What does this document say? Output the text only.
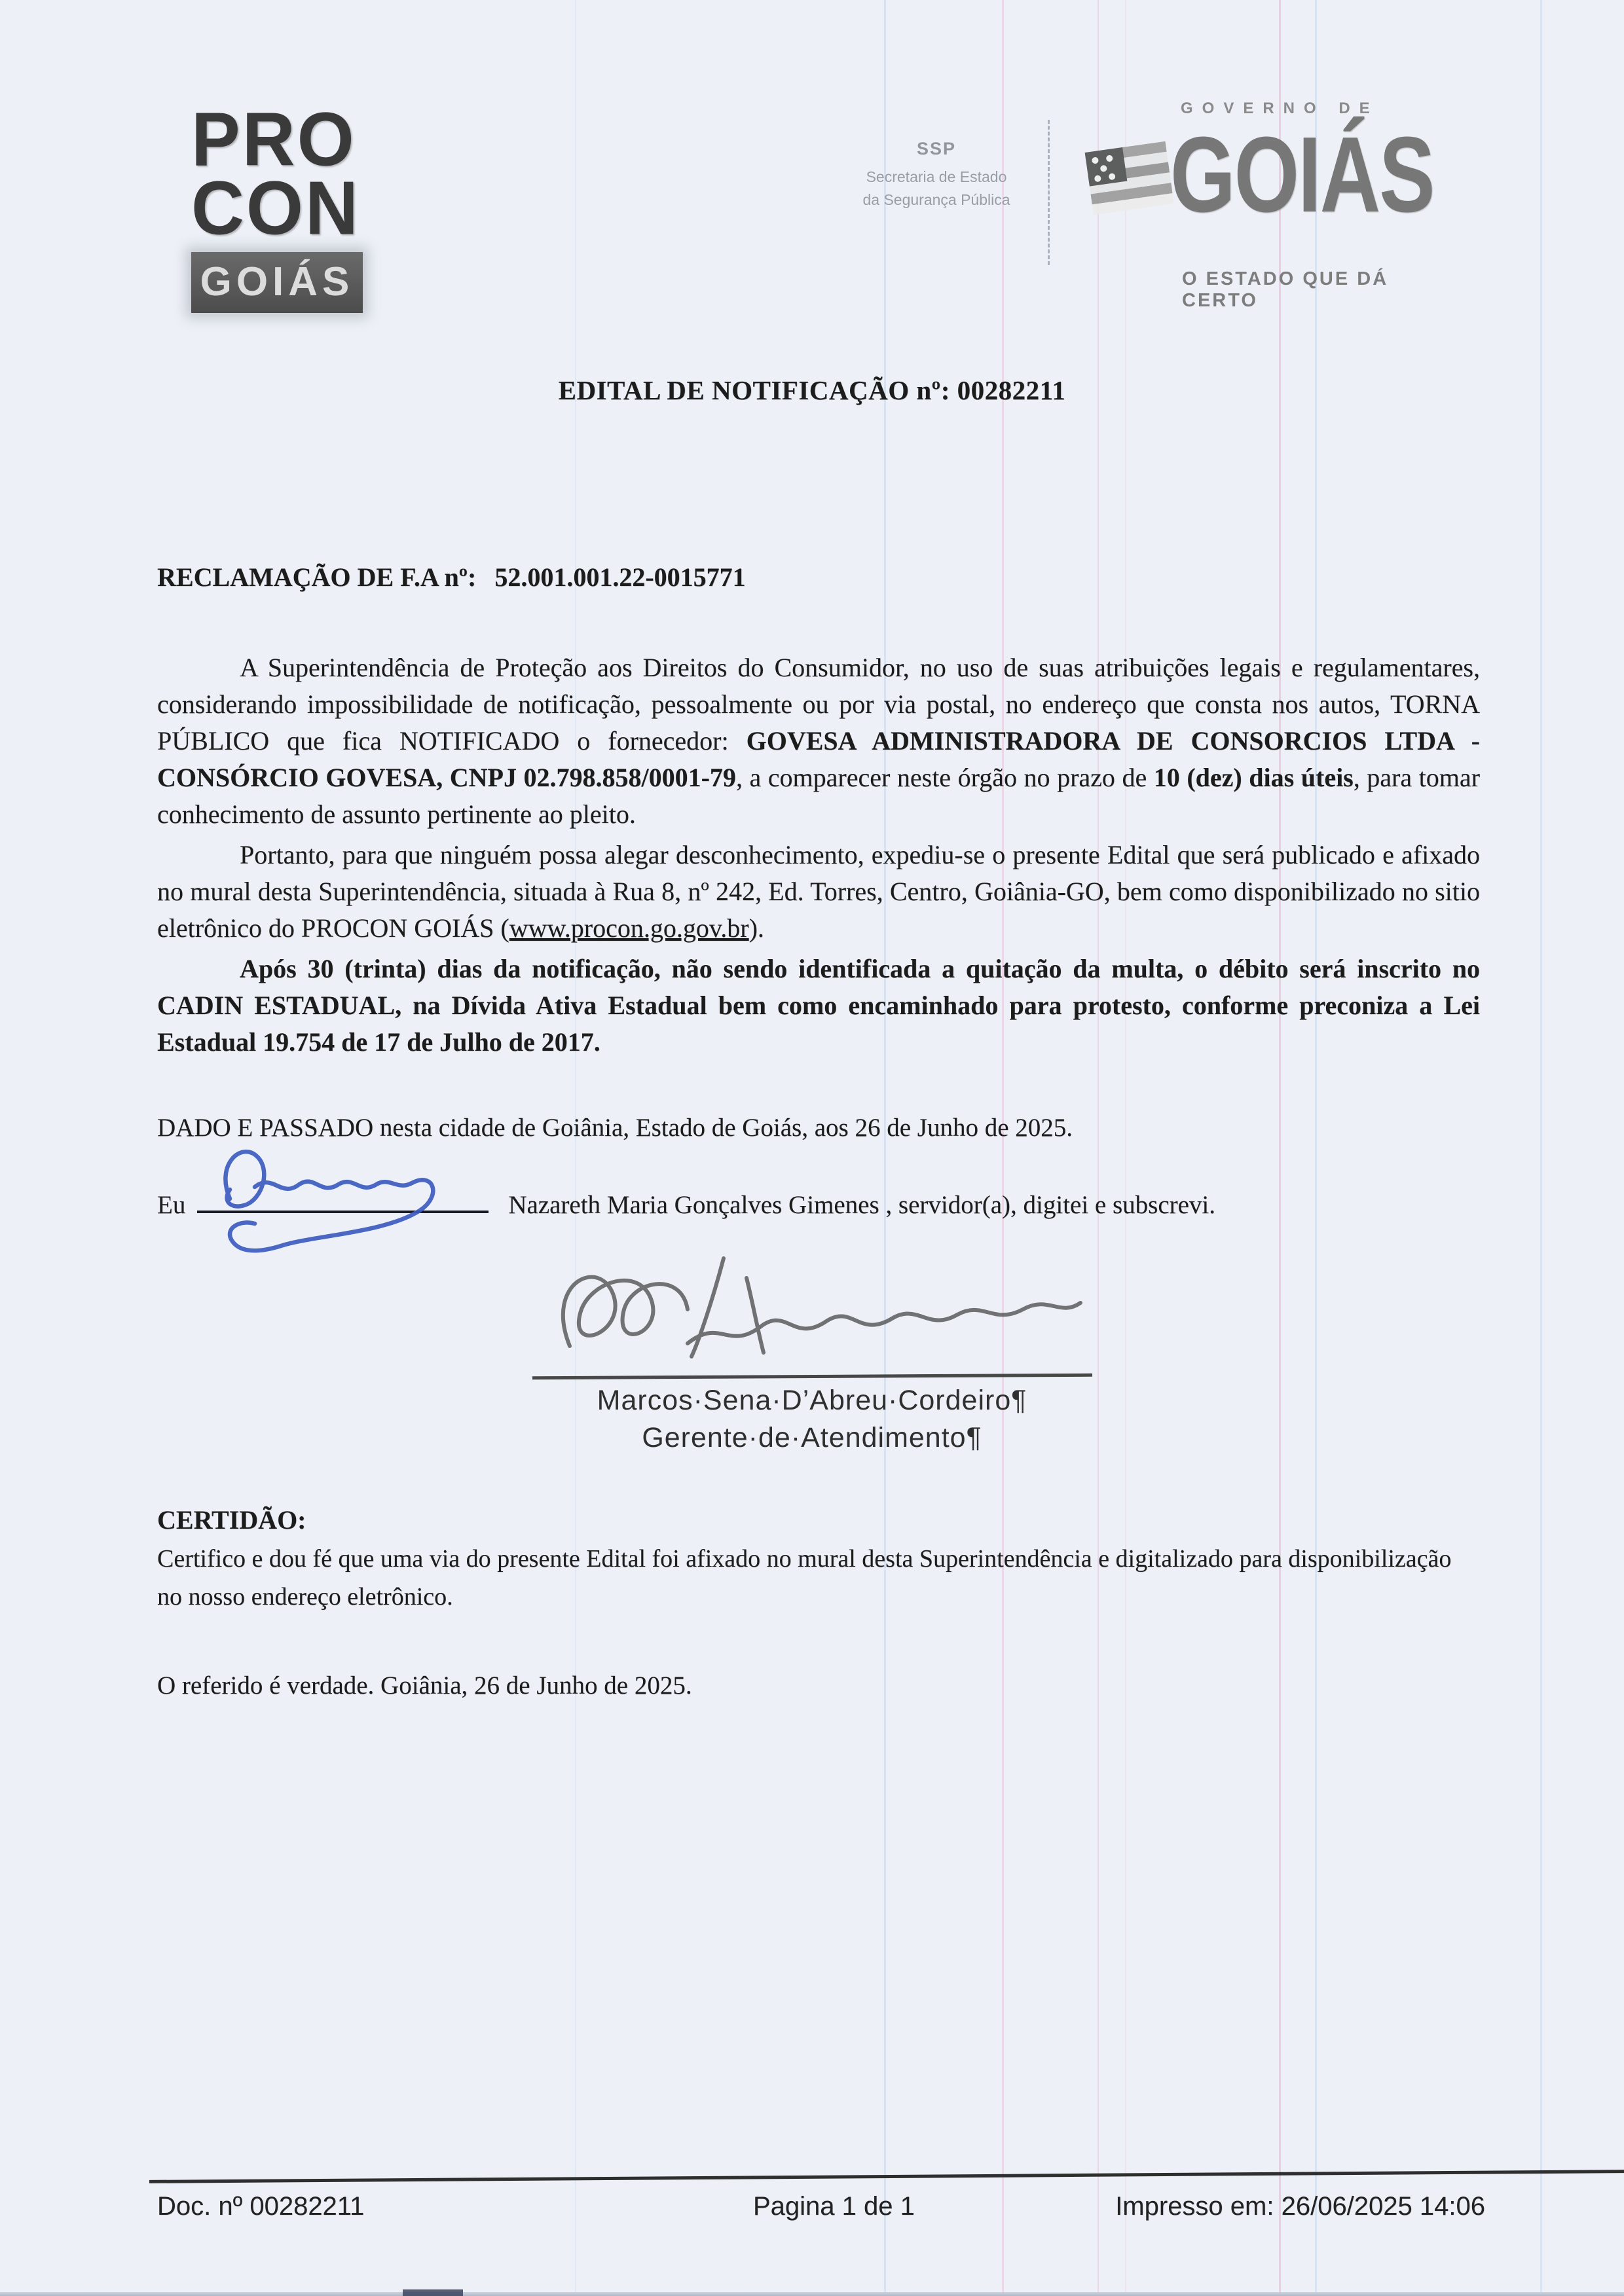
PRO
CON
GOIÁS
SSP
Secretaria de Estado
da Segurança Pública
GOVERNO DE
GOIÁS
O ESTADO QUE DÁ CERTO
EDITAL DE NOTIFICAÇÃO nº: 00282211
RECLAMAÇÃO DE F.A nº: 52.001.001.22-0015771

A Superintendência de Proteção aos Direitos do Consumidor, no uso de suas atribuições legais e regulamentares, considerando impossibilidade de notificação, pessoalmente ou por via postal, no endereço que consta nos autos, TORNA PÚBLICO que fica NOTIFICADO o fornecedor: GOVESA ADMINISTRADORA DE CONSORCIOS LTDA - CONSÓRCIO GOVESA, CNPJ 02.798.858/0001-79, a comparecer neste órgão no prazo de 10 (dez) dias úteis, para tomar conhecimento de assunto pertinente ao pleito.

Portanto, para que ninguém possa alegar desconhecimento, expediu-se o presente Edital que será publicado e afixado no mural desta Superintendência, situada à Rua 8, nº 242, Ed. Torres, Centro, Goiânia-GO, bem como disponibilizado no sitio eletrônico do PROCON GOIÁS (www.procon.go.gov.br).

Após 30 (trinta) dias da notificação, não sendo identificada a quitação da multa, o débito será inscrito no CADIN ESTADUAL, na Dívida Ativa Estadual bem como encaminhado para protesto, conforme preconiza a Lei Estadual 19.754 de 17 de Julho de 2017.

DADO E PASSADO nesta cidade de Goiânia, Estado de Goiás, aos 26 de Junho de 2025.

Eu	Nazareth Maria Gonçalves Gimenes , servidor(a), digitei e subscrevi.
Marcos·Sena·D’Abreu·Cordeiro¶
Gerente·de·Atendimento¶
CERTIDÃO:

Certifico e dou fé que uma via do presente Edital foi afixado no mural desta Superintendência e digitalizado para disponibilização no nosso endereço eletrônico.

O referido é verdade. Goiânia, 26 de Junho de 2025.

Doc. nº 00282211	Pagina 1 de 1	Impresso em: 26/06/2025 14:06
